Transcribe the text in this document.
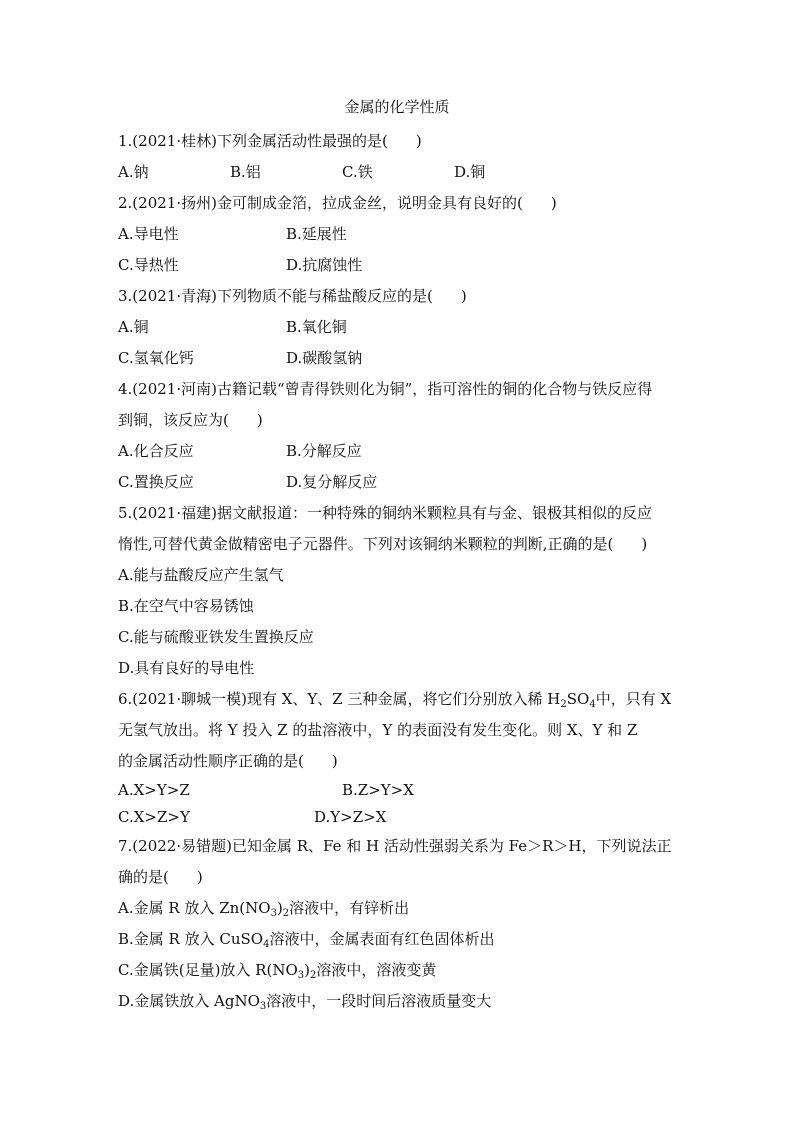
金属的化学性质
1.(2021·桂林)下列金属活动性最强的是( )
A.钠	B.铝	C.铁	D.铜
2.(2021·扬州)金可制成金箔，拉成金丝，说明金具有良好的( )
A.导电性	B.延展性
C.导热性	D.抗腐蚀性
3.(2021·青海)下列物质不能与稀盐酸反应的是( )
A.铜	B.氧化铜
C.氢氧化钙	D.碳酸氢钠
4.(2021·河南)古籍记载“曾青得铁则化为铜”，指可溶性的铜的化合物与铁反应得
到铜，该反应为( )
A.化合反应	B.分解反应
C.置换反应	D.复分解反应
5.(2021·福建)据文献报道：一种特殊的铜纳米颗粒具有与金、银极其相似的反应
惰性,可替代黄金做精密电子元器件。下列对该铜纳米颗粒的判断,正确的是( )
A.能与盐酸反应产生氢气
B.在空气中容易锈蚀
C.能与硫酸亚铁发生置换反应
D.具有良好的导电性
6.(2021·聊城一模)现有 X、Y、Z 三种金属，将它们分别放入稀 $H_2SO_4$中，只有 X
无氢气放出。将 Y 投入 Z 的盐溶液中，Y 的表面没有发生变化。则 X、Y 和 Z
的金属活动性顺序正确的是( )
A.X>Y>Z	B.Z>Y>X
C.X>Z>Y	D.Y>Z>X
7.(2022·易错题)已知金属 R、Fe 和 H 活动性强弱关系为 Fe＞R＞H，下列说法正
确的是( )
A.金属 R 放入 $Zn(NO_3)_2$溶液中，有锌析出
B.金属 R 放入 CuSO$_4$溶液中，金属表面有红色固体析出
C.金属铁(足量)放入 $R(NO_3)_2$溶液中，溶液变黄
D.金属铁放入 AgNO$_3$溶液中，一段时间后溶液质量变大
